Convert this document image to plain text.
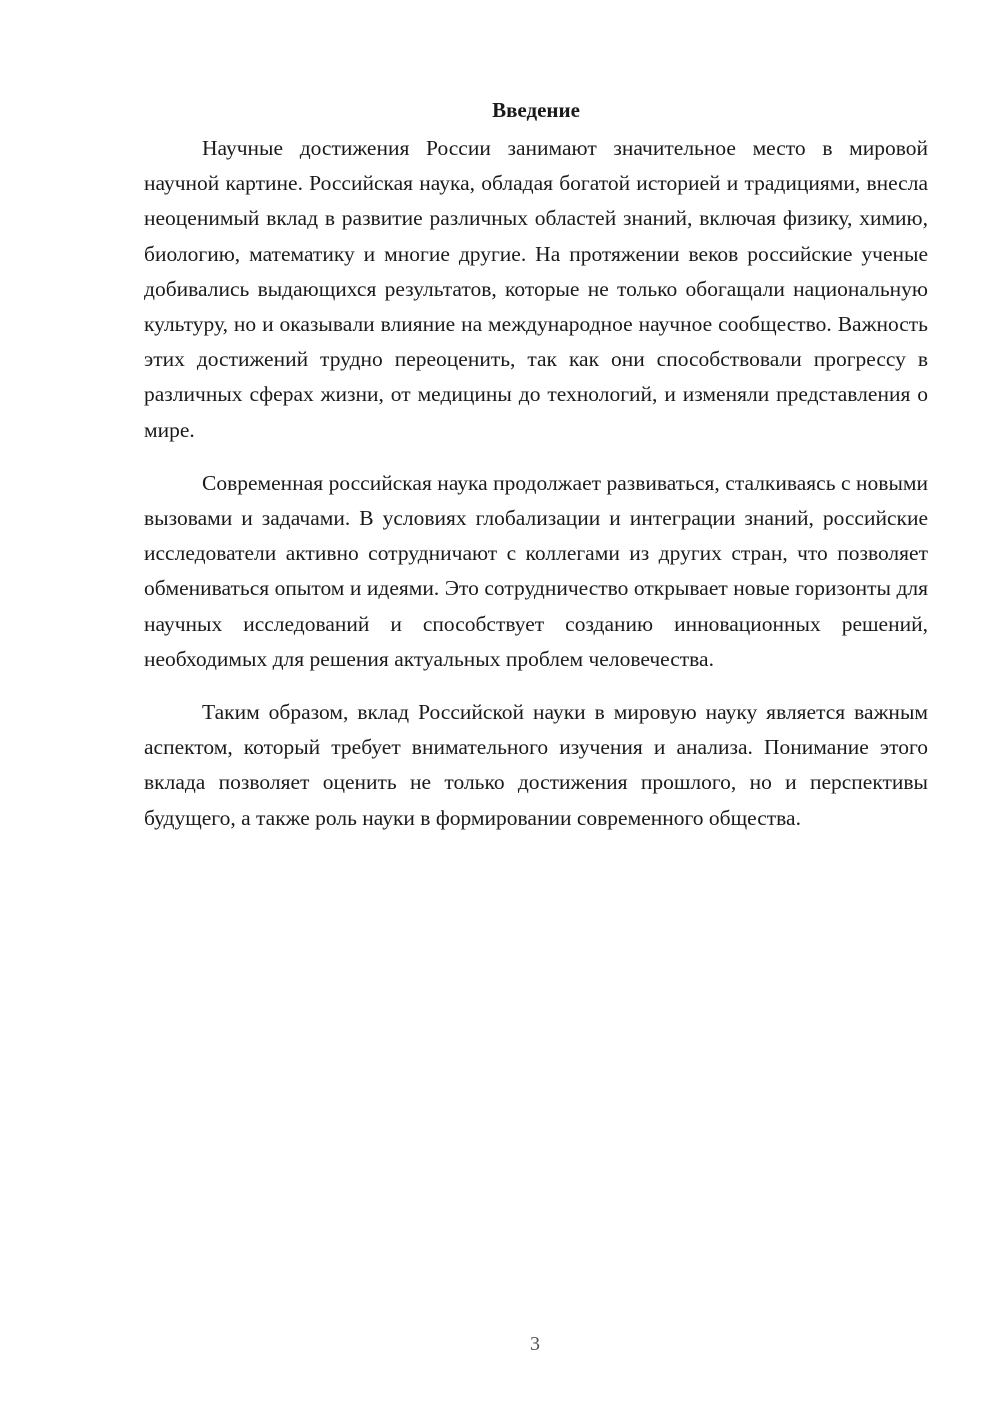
Введение

Научные достижения России занимают значительное место в мировой научной картине. Российская наука, обладая богатой историей и традициями, внесла неоценимый вклад в развитие различных областей знаний, включая физику, химию, биологию, математику и многие другие. На протяжении веков российские ученые добивались выдающихся результатов, которые не только обогащали национальную культуру, но и оказывали влияние на международное научное сообщество. Важность этих достижений трудно переоценить, так как они способствовали прогрессу в различных сферах жизни, от медицины до технологий, и изменяли представления о мире.

Современная российская наука продолжает развиваться, сталкиваясь с новыми вызовами и задачами. В условиях глобализации и интеграции знаний, российские исследователи активно сотрудничают с коллегами из других стран, что позволяет обмениваться опытом и идеями. Это сотрудничество открывает новые горизонты для научных исследований и способствует созданию инновационных решений, необходимых для решения актуальных проблем человечества.

Таким образом, вклад Российской науки в мировую науку является важным аспектом, который требует внимательного изучения и анализа. Понимание этого вклада позволяет оценить не только достижения прошлого, но и перспективы будущего, а также роль науки в формировании современного общества.

3
